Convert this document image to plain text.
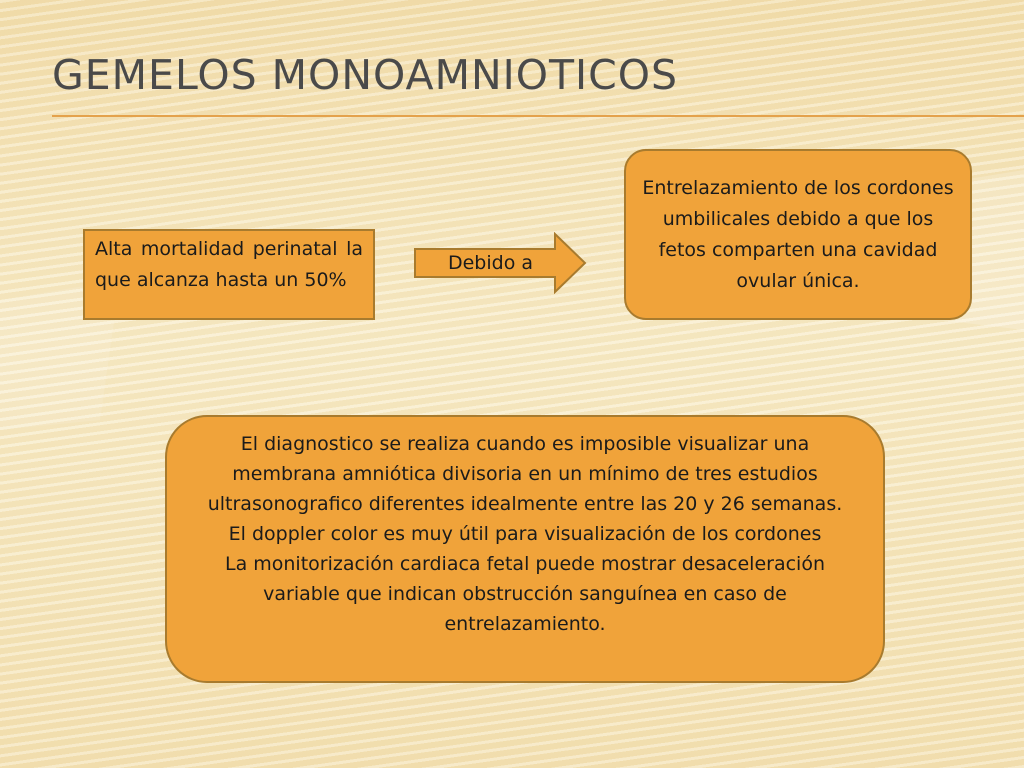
GEMELOS MONOAMNIOTICOS
Alta mortalidad perinatal la que alcanza hasta un 50%
Debido a
Entrelazamiento de los cordones umbilicales debido a que los fetos comparten una cavidad ovular única.

El diagnostico se realiza cuando es imposible visualizar una membrana amniótica divisoria en un mínimo de tres estudios ultrasonografico diferentes idealmente entre las 20 y 26 semanas.

El doppler color es muy útil para visualización de los cordones

La monitorización cardiaca fetal puede mostrar desaceleración variable que indican obstrucción sanguínea en caso de entrelazamiento.
